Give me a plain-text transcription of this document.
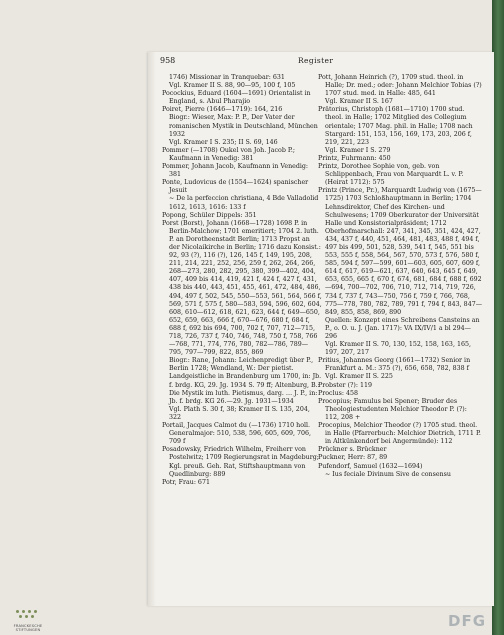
958	Register

1746) Missionar in Tranquebar: 631

Vgl. Kramer II S. 88, 90—95, 100 f, 105

Pocockius, Eduard (1604—1691) Orientalist in England, s. Abul Pharajio

Poiret, Pierre (1646—1719): 164, 216

Biogr.: Wieser, Max: P. P., Der Vater der romanischen Mystik in Deutschland, München 1932

Vgl. Kramer I S. 235; II S. 69, 146

Pommer (—1708) Oukel von Joh. Jacob P.; Kaufmann in Venedig: 381

Pommer, Johann Jacob, Kaufmann in Venedig: 381

Ponte, Ludovicus de (1554—1624) spanischer Jesuit

~ De la perfeccion christiana, 4 Bde Valladolid 1612, 1613, 1616: 133 f

Popong, Schüler Dippels: 351

Porst (Borst), Johann (1668—1728) 1698 P. in Berlin-Malchow; 1701 emeritiert; 1704 2. luth. P. an Dorotheenstadt Berlin; 1713 Propst an der Nicolaikirche in Berlin; 1716 dazu Konsist.: 92, 93 (?), 116 (?), 126, 145 f, 149, 195, 208, 211, 214, 221, 252, 256, 259 f, 262, 264, 266, 268—273, 280, 282, 295, 380, 399—402, 404, 407, 409 bis 414, 419, 421 f, 424 f, 427 f, 431, 438 bis 440, 443, 451, 455, 461, 472, 484, 486, 494, 497 f, 502, 545, 550—553, 561, 564, 566 f, 569, 571 f, 575 f, 580—583, 594, 596, 602, 604, 608, 610—612, 618, 621, 623, 644 f, 649—650, 652, 659, 663, 666 f, 670—676, 680 f, 684 f, 688 f, 692 bis 694, 700, 702 f, 707, 712—715, 718, 726, 737 f, 740, 746, 748, 750 f, 758, 766—768, 771, 774, 776, 780, 782—786, 789—795, 797—799, 822, 855, 869

Biogr.: Rane, Johann: Leichenpredigt über P., Berlin 1728; Wendland, W.: Der pietist. Landgeistliche in Brandenburg um 1700, in: Jb. f. brdg. KG, 29. Jg. 1934 S. 79 ff; Altenburg, B.: Die Mystik im luth. Pietismus, darg. … J. P., in: Jb. f. brdg. KG 26.—29. Jg. 1931—1934

Vgl. Plath S. 30 f, 38; Kramer II S. 135, 204, 322

Portail, Jacques Calmot du (—1736) 1710 holl. Generalmajor: 510, 538, 596, 605, 609, 706, 709 f

Posadowsky, Friedrich Wilhelm, Freiherr von Postelwitz; 1709 Regierungsrat in Magdeburg; Kgl. preuß. Geh. Rat, Stiftshauptmann von Quedlinburg: 889

Potr, Frau: 671

Pott, Johann Heinrich (?), 1709 stud. theol. in Halle; Dr. med.; oder: Johann Melchior Tobias (?) 1707 stud. med. in Halle: 485, 641

Vgl. Kramer II S. 167

Prätorius, Christoph (1681—1710) 1700 stud. theol. in Halle; 1702 Mitglied des Collegium orientale; 1707 Mag. phil. in Halle; 1708 nach Stargard: 151, 153, 156, 169, 173, 203, 206 f, 219, 221, 223

Vgl. Kramer I S. 279

Printz, Fuhrmann: 450

Printz, Dorothee Sophie von, geb. von Schlippenbach, Frau von Marquardt L. v. P. (Heirat 1712): 575

Printz (Prince, Pr.), Marquardt Ludwig von (1675—1725) 1703 Schloßhauptmann in Berlin; 1704 Lehnsdirektor, Chef des Kirchen- und Schulwesens; 1709 Oberkurator der Universität Halle und Konsistorialpräsident; 1712 Oberhofmarschall: 247, 341, 345, 351, 424, 427, 434, 437 f, 440, 451, 464, 481, 483, 488 f, 494 f, 497 bis 499, 501, 528, 539, 541 f, 545, 551 bis 553, 555 f, 558, 564, 567, 570, 573 f, 576, 580 f, 585, 594 f, 597—599, 601—603, 605, 607, 609 f, 614 f, 617, 619—621, 637, 640, 643, 645 f, 649, 653, 655, 665 f, 670 f, 674, 681, 684 f, 688 f, 692—694, 700—702, 706, 710, 712, 714, 719, 726, 734 f, 737 f, 743—750, 756 f, 759 f, 766, 768, 775—778, 780, 782, 789, 791 f, 794 f, 843, 847—849, 855, 858, 869, 890

Quellen: Konzept eines Schreibens Cansteins an P., o. O. u. J. (Jan. 1717): VA IX/IV/1 a bl 294—296

Vgl. Kramer II S. 70, 130, 152, 158, 163, 165, 197, 207, 217

Pritius, Johannes Georg (1661—1732) Senior in Frankfurt a. M.: 375 (?), 656, 658, 782, 838 f

Vgl. Kramer II S. 225

Probster (?): 119

Proclus: 458

Procopius; Famulus bei Spener; Bruder des Theologiestudenten Melchior Theodor P. (?): 112, 208 +

Procopius, Melchior Theodor (?) 1705 stud. theol. in Halle (Pfarrerbuch: Melchior Dietrich, 1711 P. in Altkünkendorf bei Angermünde): 112

Prückner s. Brückner

Puckner, Herr: 87, 89

Pufendorf, Samuel (1632—1694)

~ Ius feciale Divinum Sive de consensu

FRANCKESCHE STIFTUNGEN	DFG
